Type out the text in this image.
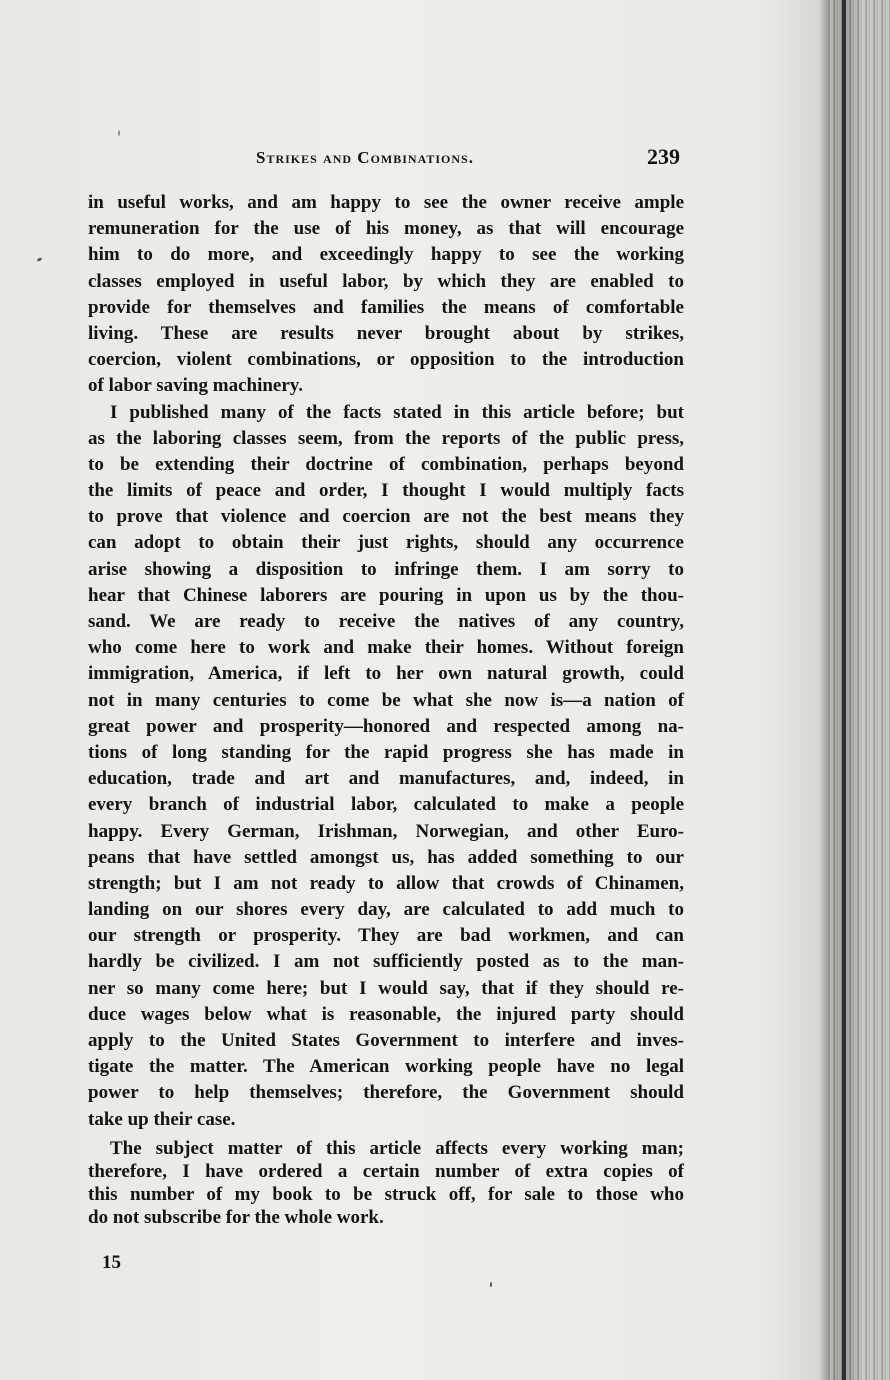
Strikes and Combinations.	239
in useful works, and am happy to see the owner receive ample
remuneration for the use of his money, as that will encourage
him to do more, and exceedingly happy to see the working
classes employed in useful labor, by which they are enabled to
provide for themselves and families the means of comfortable
living. These are results never brought about by strikes,
coercion, violent combinations, or opposition to the introduction
of labor saving machinery.
I published many of the facts stated in this article before; but
as the laboring classes seem, from the reports of the public press,
to be extending their doctrine of combination, perhaps beyond
the limits of peace and order, I thought I would multiply facts
to prove that violence and coercion are not the best means they
can adopt to obtain their just rights, should any occurrence
arise showing a disposition to infringe them. I am sorry to
hear that Chinese laborers are pouring in upon us by the thou-
sand. We are ready to receive the natives of any country,
who come here to work and make their homes. Without foreign
immigration, America, if left to her own natural growth, could
not in many centuries to come be what she now is—a nation of
great power and prosperity—honored and respected among na-
tions of long standing for the rapid progress she has made in
education, trade and art and manufactures, and, indeed, in
every branch of industrial labor, calculated to make a people
happy. Every German, Irishman, Norwegian, and other Euro-
peans that have settled amongst us, has added something to our
strength; but I am not ready to allow that crowds of Chinamen,
landing on our shores every day, are calculated to add much to
our strength or prosperity. They are bad workmen, and can
hardly be civilized. I am not sufficiently posted as to the man-
ner so many come here; but I would say, that if they should re-
duce wages below what is reasonable, the injured party should
apply to the United States Government to interfere and inves-
tigate the matter. The American working people have no legal
power to help themselves; therefore, the Government should
take up their case.
The subject matter of this article affects every working man;
therefore, I have ordered a certain number of extra copies of
this number of my book to be struck off, for sale to those who
do not subscribe for the whole work.
15
